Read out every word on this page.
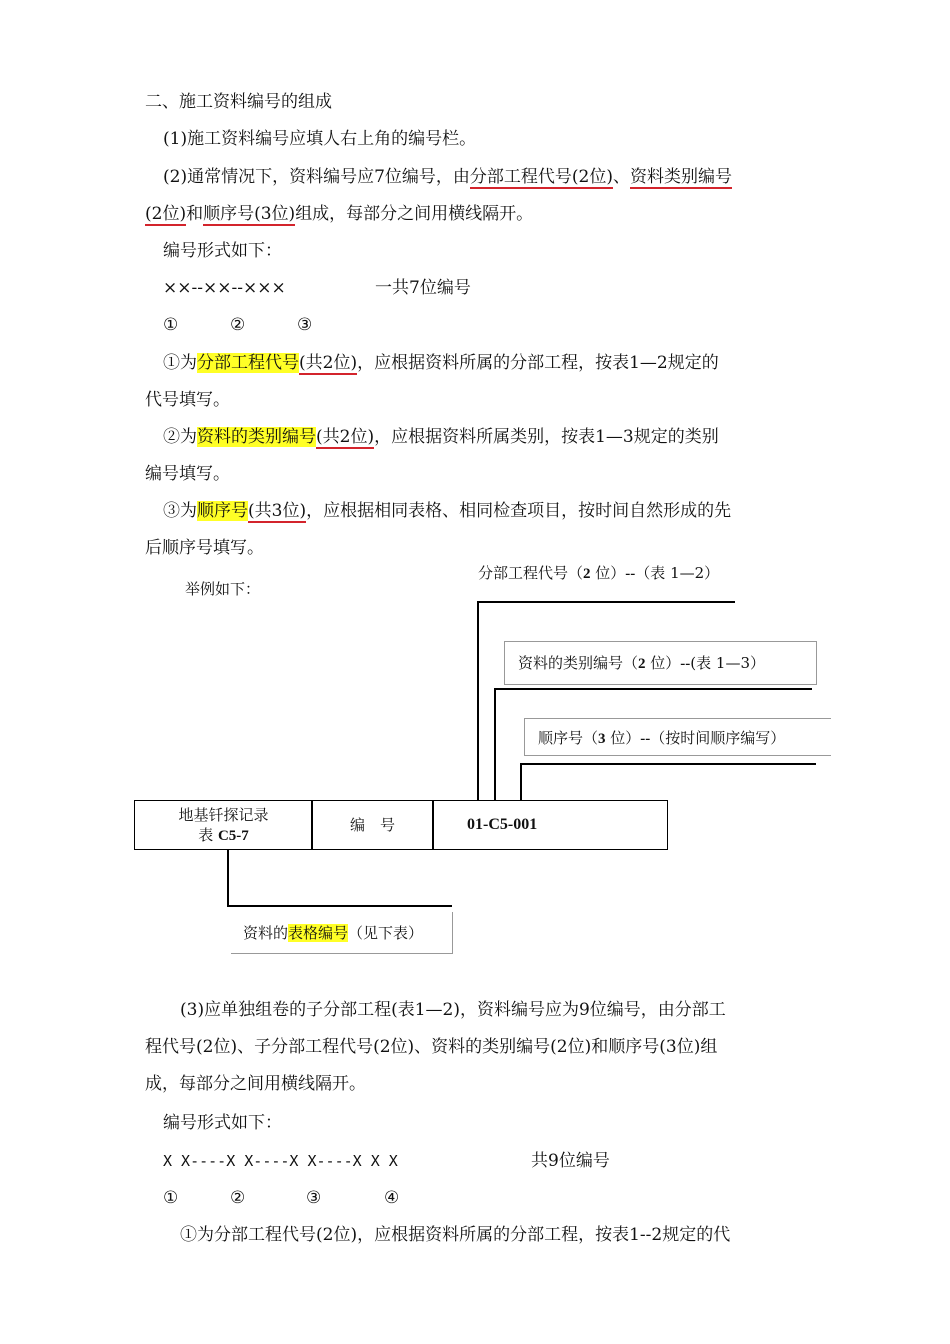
二、施工资料编号的组成
(1)施工资料编号应填人右上角的编号栏。
(2)通常情况下，资料编号应7位编号，由分部工程代号(2位)、资料类别编号
(2位)和顺序号(3位)组成，每部分之间用横线隔开。
编号形式如下：
××--××--×××	一共7位编号
①	②	③
①为分部工程代号(共2位)，应根据资料所属的分部工程，按表1—2规定的
代号填写。
②为资料的类别编号(共2位)，应根据资料所属类别，按表1—3规定的类别
编号填写。
③为顺序号(共3位)，应根据相同表格、相同检查项目，按时间自然形成的先
后顺序号填写。
举例如下：
分部工程代号（2 位）--（表 1—2）
资料的类别编号（2 位）--(表 1—3）
顺序号（3 位）--（按时间顺序编写）
地基钎探记录
表 C5-7
编　号	01-C5-001
资料的表格编号（见下表）
(3)应单独组卷的子分部工程(表1—2)，资料编号应为9位编号，由分部工
程代号(2位)、子分部工程代号(2位)、资料的类别编号(2位)和顺序号(3位)组
成，每部分之间用横线隔开。
编号形式如下：
X X----X X----X X----X X X	共9位编号
①	②	③	④
①为分部工程代号(2位)，应根据资料所属的分部工程，按表1--2规定的代
